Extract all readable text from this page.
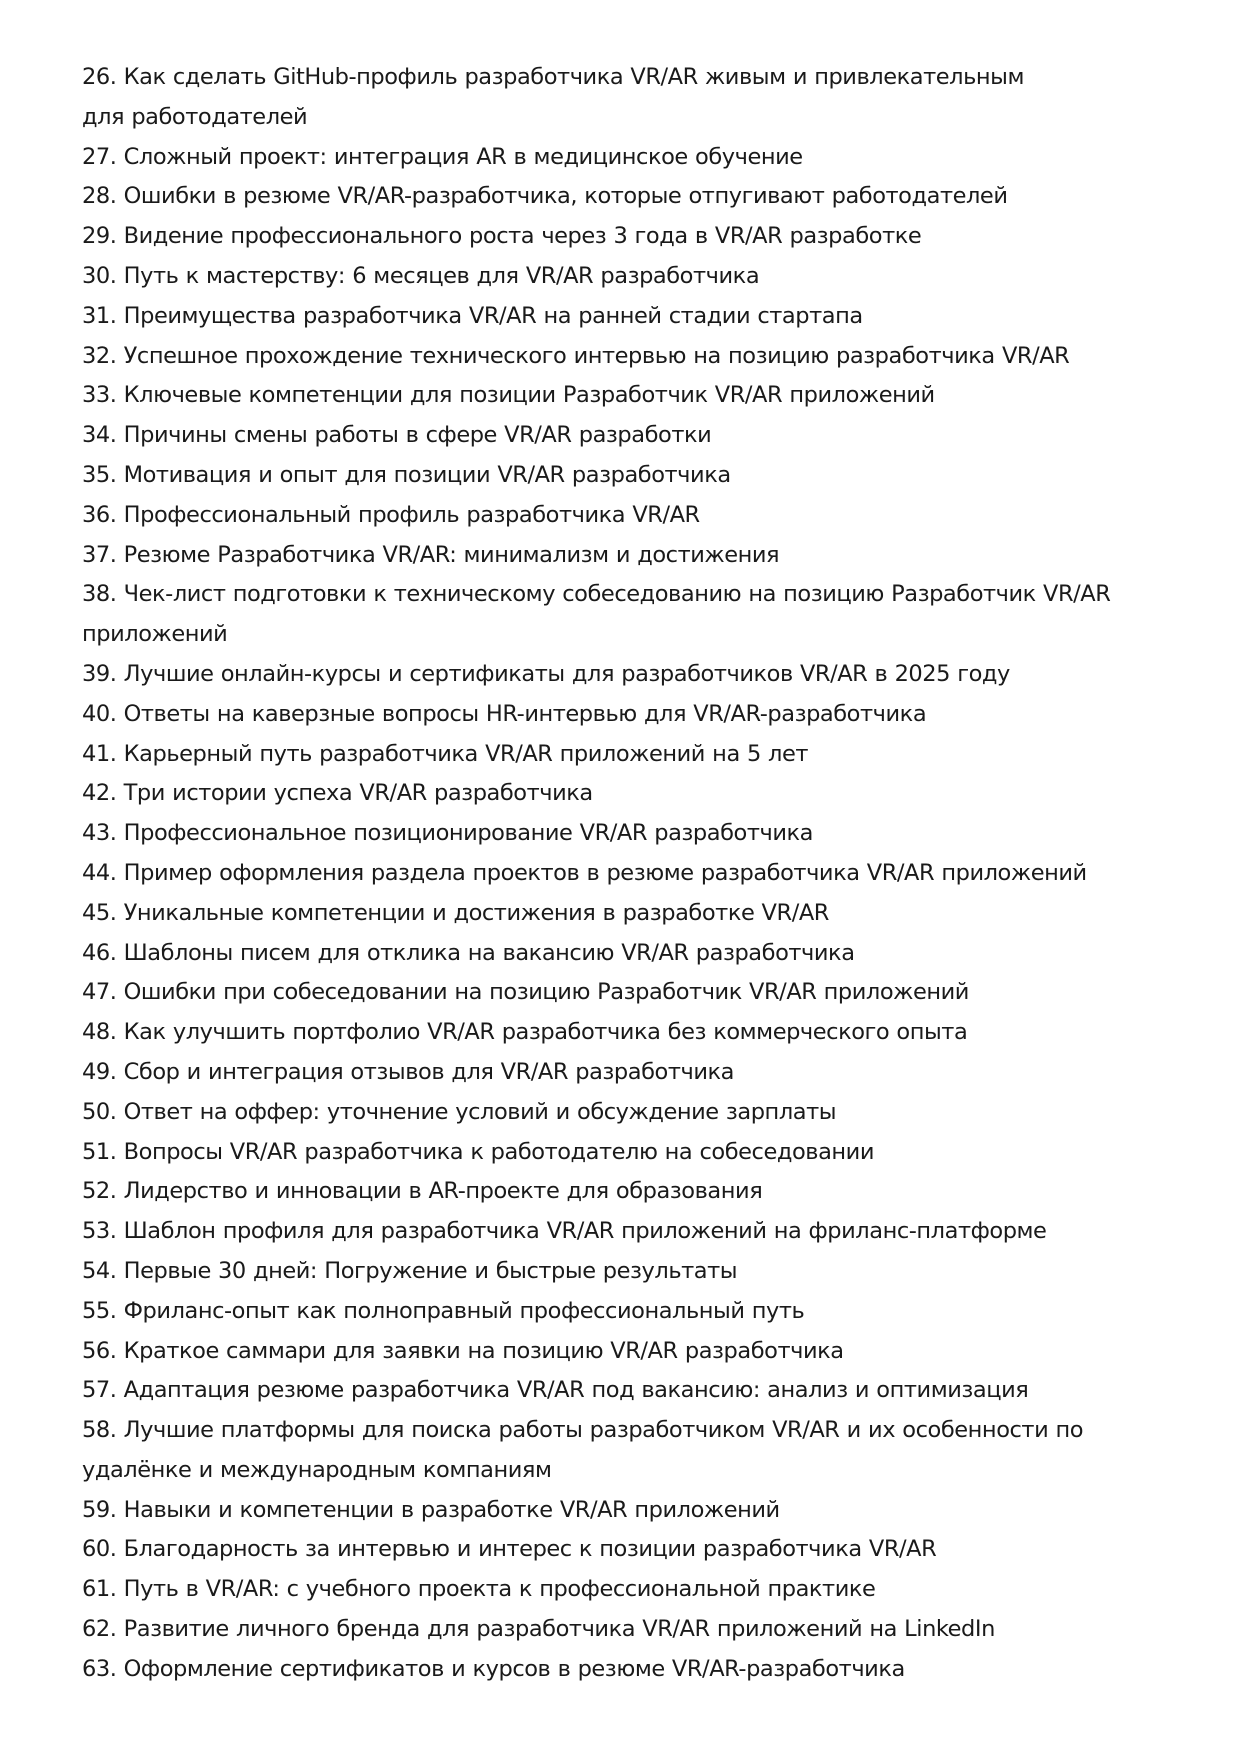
26. Как сделать GitHub-профиль разработчика VR/AR живым и привлекательным для работодателей

27. Сложный проект: интеграция AR в медицинское обучение

28. Ошибки в резюме VR/AR-разработчика, которые отпугивают работодателей

29. Видение профессионального роста через 3 года в VR/AR разработке

30. Путь к мастерству: 6 месяцев для VR/AR разработчика

31. Преимущества разработчика VR/AR на ранней стадии стартапа

32. Успешное прохождение технического интервью на позицию разработчика VR/AR

33. Ключевые компетенции для позиции Разработчик VR/AR приложений

34. Причины смены работы в сфере VR/AR разработки

35. Мотивация и опыт для позиции VR/AR разработчика

36. Профессиональный профиль разработчика VR/AR

37. Резюме Разработчика VR/AR: минимализм и достижения

38. Чек-лист подготовки к техническому собеседованию на позицию Разработчик VR/AR приложений

39. Лучшие онлайн-курсы и сертификаты для разработчиков VR/AR в 2025 году

40. Ответы на каверзные вопросы HR-интервью для VR/AR-разработчика

41. Карьерный путь разработчика VR/AR приложений на 5 лет

42. Три истории успеха VR/AR разработчика

43. Профессиональное позиционирование VR/AR разработчика

44. Пример оформления раздела проектов в резюме разработчика VR/AR приложений

45. Уникальные компетенции и достижения в разработке VR/AR

46. Шаблоны писем для отклика на вакансию VR/AR разработчика

47. Ошибки при собеседовании на позицию Разработчик VR/AR приложений

48. Как улучшить портфолио VR/AR разработчика без коммерческого опыта

49. Сбор и интеграция отзывов для VR/AR разработчика

50. Ответ на оффер: уточнение условий и обсуждение зарплаты

51. Вопросы VR/AR разработчика к работодателю на собеседовании

52. Лидерство и инновации в AR-проекте для образования

53. Шаблон профиля для разработчика VR/AR приложений на фриланс-платформе

54. Первые 30 дней: Погружение и быстрые результаты

55. Фриланс-опыт как полноправный профессиональный путь

56. Краткое саммари для заявки на позицию VR/AR разработчика

57. Адаптация резюме разработчика VR/AR под вакансию: анализ и оптимизация

58. Лучшие платформы для поиска работы разработчиком VR/AR и их особенности по удалёнке и международным компаниям

59. Навыки и компетенции в разработке VR/AR приложений

60. Благодарность за интервью и интерес к позиции разработчика VR/AR

61. Путь в VR/AR: с учебного проекта к профессиональной практике

62. Развитие личного бренда для разработчика VR/AR приложений на LinkedIn

63. Оформление сертификатов и курсов в резюме VR/AR-разработчика
